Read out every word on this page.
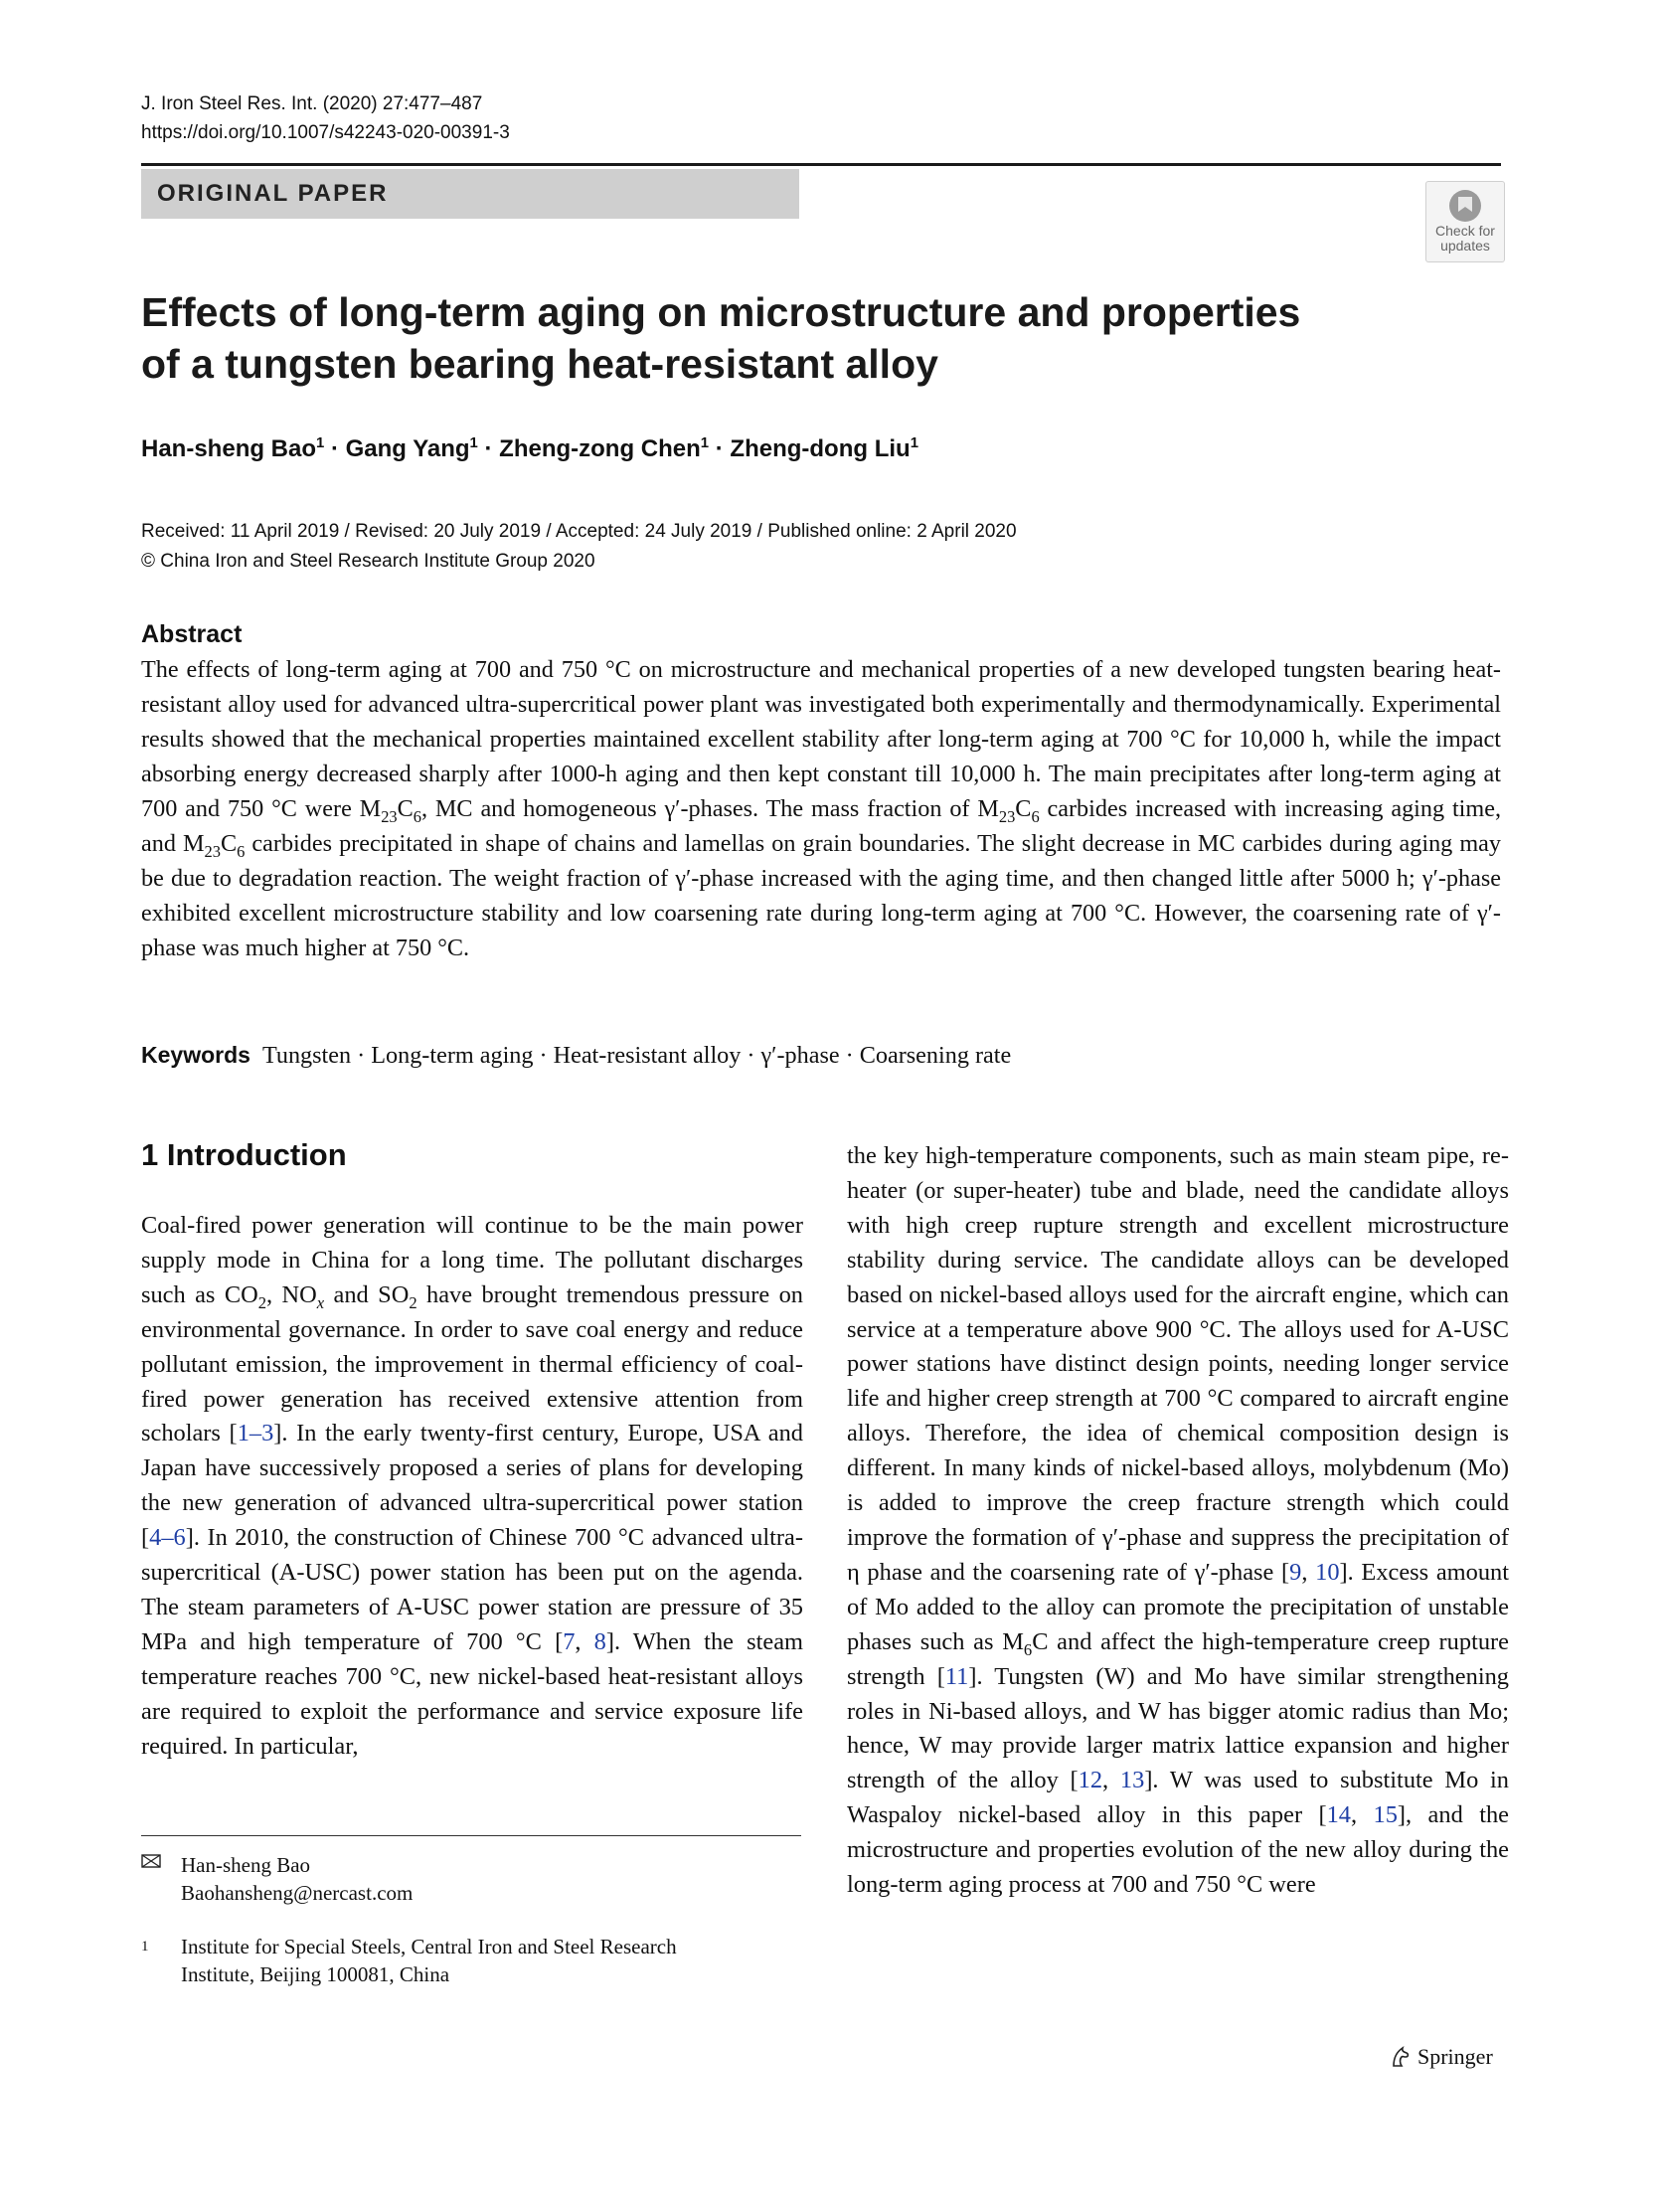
J. Iron Steel Res. Int. (2020) 27:477–487
https://doi.org/10.1007/s42243-020-00391-3
ORIGINAL PAPER
Check for updates
Effects of long-term aging on microstructure and properties
of a tungsten bearing heat-resistant alloy
Han-sheng Bao$^1$ · Gang Yang$^1$ · Zheng-zong Chen$^1$ · Zheng-dong Liu$^1$
Received: 11 April 2019 / Revised: 20 July 2019 / Accepted: 24 July 2019 / Published online: 2 April 2020
© China Iron and Steel Research Institute Group 2020
Abstract
The effects of long-term aging at 700 and 750 °C on microstructure and mechanical properties of a new developed tungsten bearing heat-resistant alloy used for advanced ultra-supercritical power plant was investigated both experimentally and thermodynamically. Experimental results showed that the mechanical properties maintained excellent stability after long-term aging at 700 °C for 10,000 h, while the impact absorbing energy decreased sharply after 1000-h aging and then kept constant till 10,000 h. The main precipitates after long-term aging at 700 and 750 °C were $M_{23}C_6$, MC and homogeneous γ′-phases. The mass fraction of $M_{23}C_6$ carbides increased with increasing aging time, and $M_{23}C_6$ carbides precipitated in shape of chains and lamellas on grain boundaries. The slight decrease in MC carbides during aging may be due to degradation reaction. The weight fraction of γ′-phase increased with the aging time, and then changed little after 5000 h; γ′-phase exhibited excellent microstructure stability and low coarsening rate during long-term aging at 700 °C. However, the coarsening rate of γ′-phase was much higher at 750 °C.
Keywords Tungsten · Long-term aging · Heat-resistant alloy · γ′-phase · Coarsening rate
1 Introduction
Coal-fired power generation will continue to be the main power supply mode in China for a long time. The pollutant discharges such as $CO_2$, $NO_x$ and $SO_2$ have brought tremendous pressure on environmental governance. In order to save coal energy and reduce pollutant emission, the improvement in thermal efficiency of coal-fired power generation has received extensive attention from scholars [1–3]. In the early twenty-first century, Europe, USA and Japan have successively proposed a series of plans for developing the new generation of advanced ultra-supercritical power station [4–6]. In 2010, the construction of Chinese 700 °C advanced ultra-supercritical (A-USC) power station has been put on the agenda. The steam parameters of A-USC power station are pressure of 35 MPa and high temperature of 700 °C [7, 8]. When the steam temperature reaches 700 °C, new nickel-based heat-resistant alloys are required to exploit the performance and service exposure life required. In particular,
the key high-temperature components, such as main steam pipe, re-heater (or super-heater) tube and blade, need the candidate alloys with high creep rupture strength and excellent microstructure stability during service. The candidate alloys can be developed based on nickel-based alloys used for the aircraft engine, which can service at a temperature above 900 °C. The alloys used for A-USC power stations have distinct design points, needing longer service life and higher creep strength at 700 °C compared to aircraft engine alloys. Therefore, the idea of chemical composition design is different. In many kinds of nickel-based alloys, molybdenum (Mo) is added to improve the creep fracture strength which could improve the formation of γ′-phase and suppress the precipitation of η phase and the coarsening rate of γ′-phase [9, 10]. Excess amount of Mo added to the alloy can promote the precipitation of unstable phases such as $M_6C$ and affect the high-temperature creep rupture strength [11]. Tungsten (W) and Mo have similar strengthening roles in Ni-based alloys, and W has bigger atomic radius than Mo; hence, W may provide larger matrix lattice expansion and higher strength of the alloy [12, 13]. W was used to substitute Mo in Waspaloy nickel-based alloy in this paper [14, 15], and the microstructure and properties evolution of the new alloy during the long-term aging process at 700 and 750 °C were
Han-sheng Bao
Baohansheng@nercast.com
1 Institute for Special Steels, Central Iron and Steel Research
Institute, Beijing 100081, China
Springer
